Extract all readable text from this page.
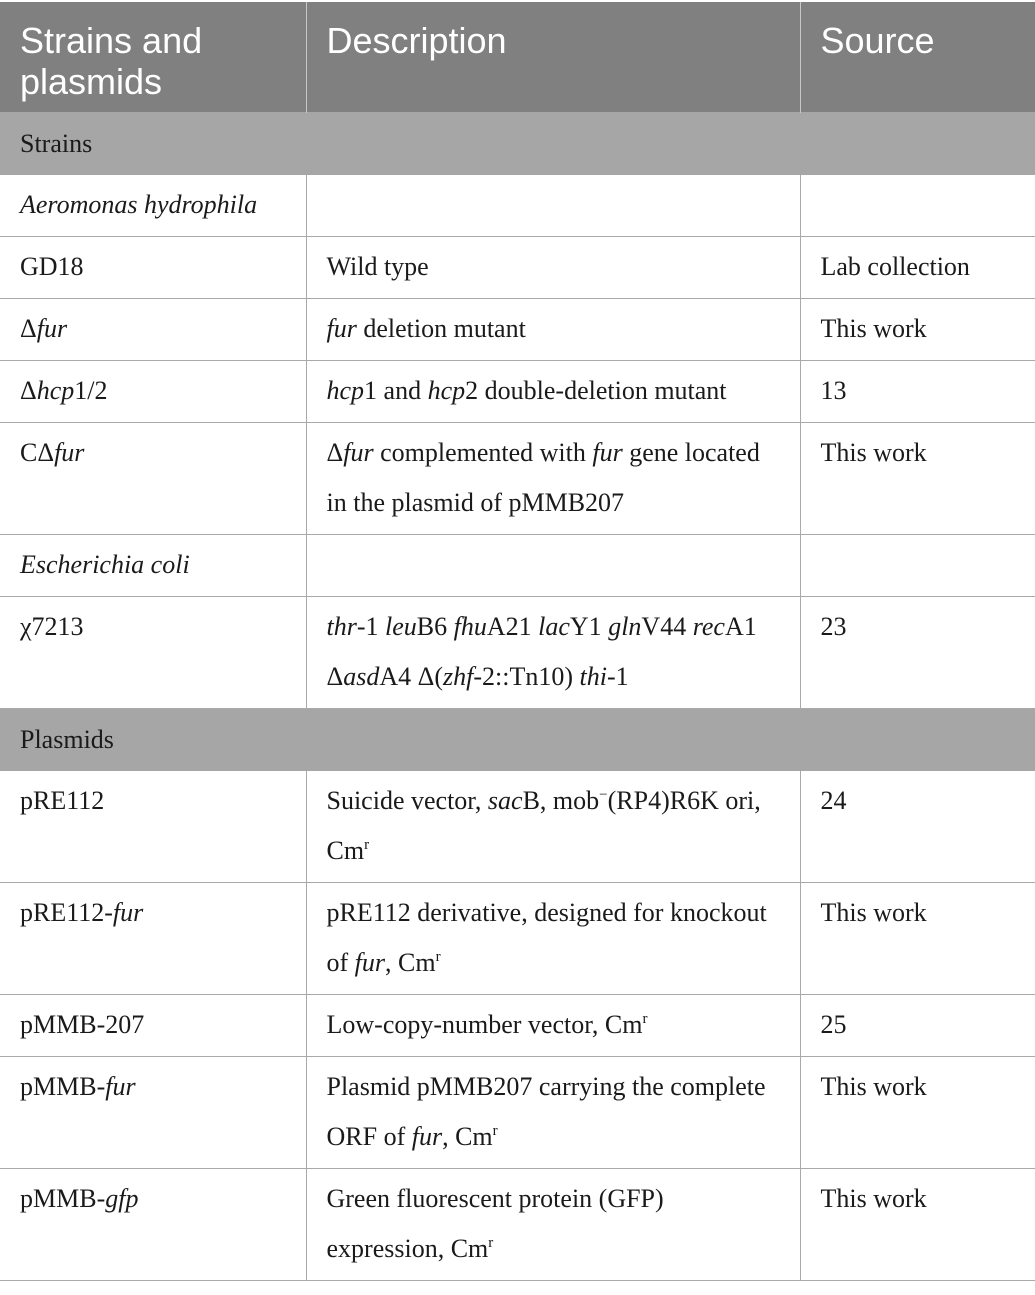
Strains and plasmids	Description	Source
Strains		
Aeromonas hydrophila		
GD18	Wild type	Lab collection
Δfur	fur deletion mutant	This work
Δhcp1/2	hcp1 and hcp2 double-deletion mutant	13
CΔfur	Δfur complemented with fur gene located in the plasmid of pMMB207	This work
Escherichia coli		
χ7213	thr-1 leuB6 fhuA21 lacY1 glnV44 recA1 ΔasdA4 Δ(zhf-2::Tn10) thi-1	23
Plasmids		
pRE112	Suicide vector, sacB, mob−(RP4)R6K ori, Cm$^r$	24
pRE112-fur	pRE112 derivative, designed for knockout of fur, Cm$^r$	This work
pMMB-207	Low-copy-number vector, Cm$^r$	25
pMMB-fur	Plasmid pMMB207 carrying the complete ORF of fur, Cm$^r$	This work
pMMB-gfp	Green fluorescent protein (GFP) expression, Cm$^r$	This work
